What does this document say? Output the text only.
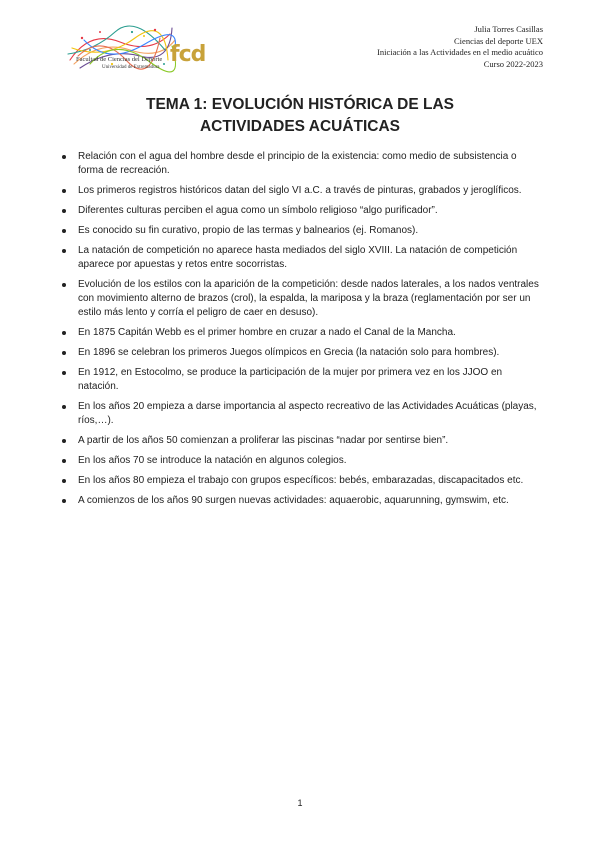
Facultad de Ciencias del Deporte
Universidad de Extremadura
fcd
Julia Torres Casillas
Ciencias del deporte UEX
Iniciación a las Actividades en el medio acuático
Curso 2022-2023
TEMA 1: EVOLUCIÓN HISTÓRICA DE LAS
ACTIVIDADES ACUÁTICAS
Relación con el agua del hombre desde el principio de la existencia: como medio de subsistencia o forma de recreación.
Los primeros registros históricos datan del siglo VI a.C. a través de pinturas, grabados y jeroglíficos.
Diferentes culturas perciben el agua como un símbolo religioso “algo purificador”.
Es conocido su fin curativo, propio de las termas y balnearios (ej. Romanos).
La natación de competición no aparece hasta mediados del siglo XVIII. La natación de competición aparece por apuestas y retos entre socorristas.
Evolución de los estilos con la aparición de la competición: desde nados laterales, a los nados ventrales con movimiento alterno de brazos (crol), la espalda, la mariposa y la braza (reglamentación por ser un estilo más lento y corría el peligro de caer en desuso).
En 1875 Capitán Webb es el primer hombre en cruzar a nado el Canal de la Mancha.
En 1896 se celebran los primeros Juegos olímpicos en Grecia (la natación solo para hombres).
En 1912, en Estocolmo, se produce la participación de la mujer por primera vez en los JJOO en natación.
En los años 20 empieza a darse importancia al aspecto recreativo de las Actividades Acuáticas (playas, ríos,…).
A partir de los años 50 comienzan a proliferar las piscinas “nadar por sentirse bien”.
En los años 70 se introduce la natación en algunos colegios.
En los años 80 empieza el trabajo con grupos específicos: bebés, embarazadas, discapacitados etc.
A comienzos de los años 90 surgen nuevas actividades: aquaerobic, aquarunning, gymswim, etc.
1
